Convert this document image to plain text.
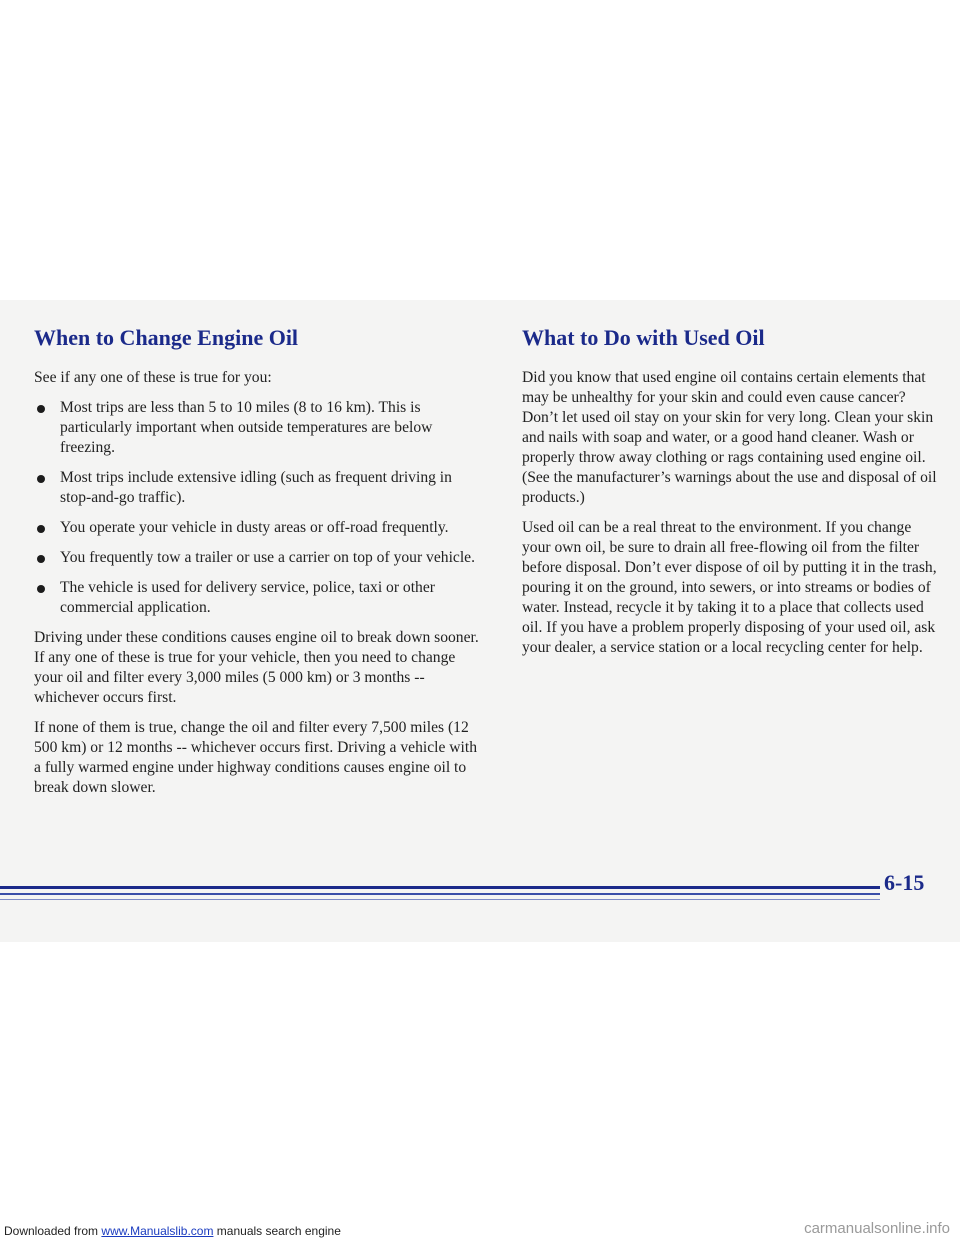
When to Change Engine Oil

See if any one of these is true for you:

Most trips are less than 5 to 10 miles (8 to 16 km). This is particularly important when outside temperatures are below freezing.
Most trips include extensive idling (such as frequent driving in stop-and-go traffic).
You operate your vehicle in dusty areas or off-road frequently.
You frequently tow a trailer or use a carrier on top of your vehicle.
The vehicle is used for delivery service, police, taxi or other commercial application.

Driving under these conditions causes engine oil to break down sooner. If any one of these is true for your vehicle, then you need to change your oil and filter every 3,000 miles (5 000 km) or 3 months -- whichever occurs first.

If none of them is true, change the oil and filter every 7,500 miles (12 500 km) or 12 months -- whichever occurs first. Driving a vehicle with a fully warmed engine under highway conditions causes engine oil to break down slower.

What to Do with Used Oil

Did you know that used engine oil contains certain elements that may be unhealthy for your skin and could even cause cancer? Don’t let used oil stay on your skin for very long. Clean your skin and nails with soap and water, or a good hand cleaner. Wash or properly throw away clothing or rags containing used engine oil. (See the manufacturer’s warnings about the use and disposal of oil products.)

Used oil can be a real threat to the environment. If you change your own oil, be sure to drain all free-flowing oil from the filter before disposal. Don’t ever dispose of oil by putting it in the trash, pouring it on the ground, into sewers, or into streams or bodies of water. Instead, recycle it by taking it to a place that collects used oil. If you have a problem properly disposing of your used oil, ask your dealer, a service station or a local recycling center for help.

6-15
Downloaded from www.Manualslib.com manuals search engine	carmanualsonline.info
